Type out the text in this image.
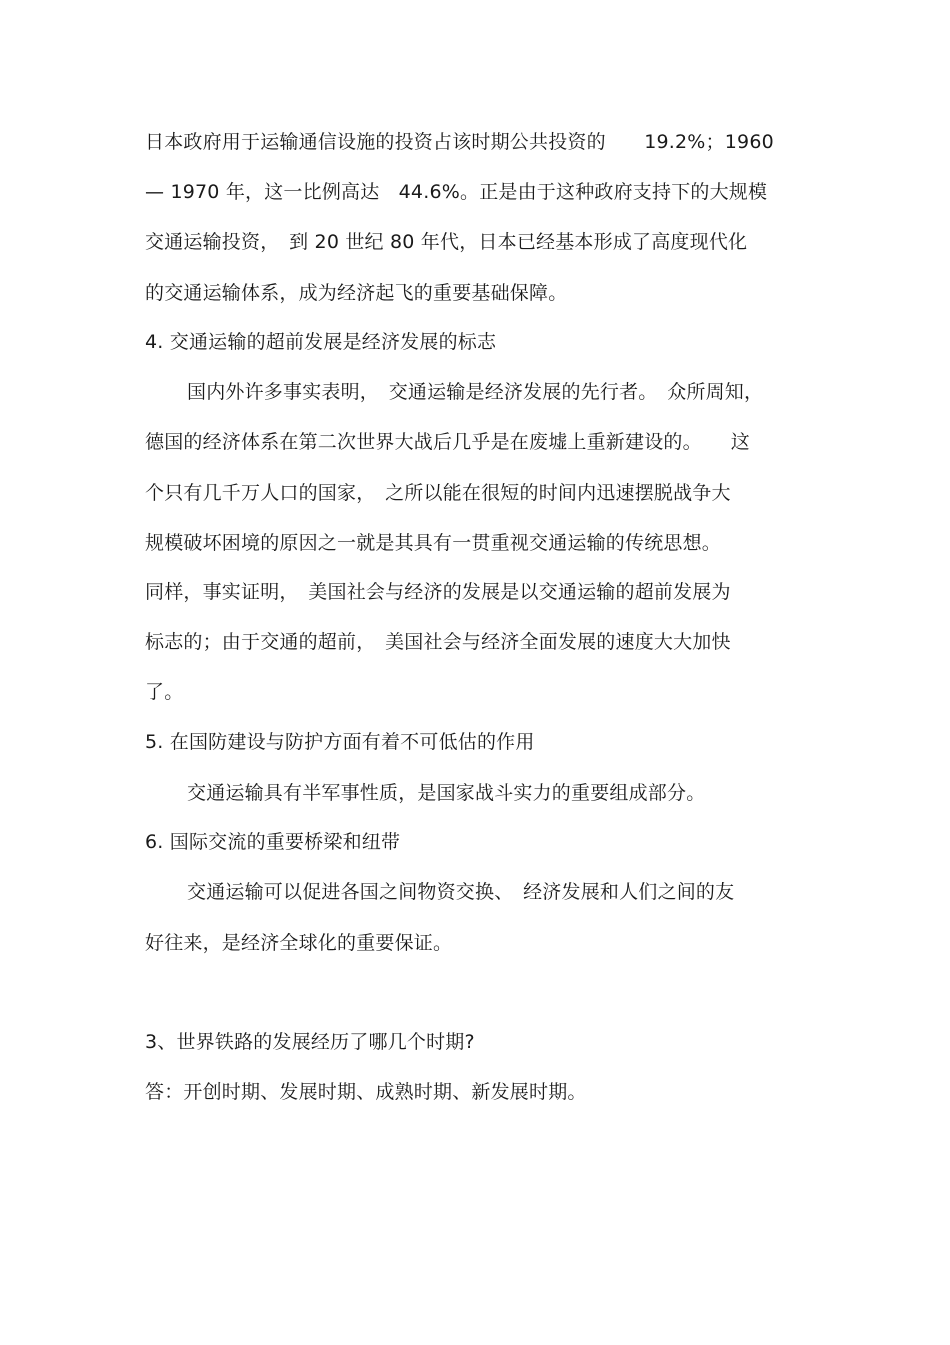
日本政府用于运输通信设施的投资占该时期公共投资的　　19.2%；1960
— 1970 年，这一比例高达　44.6%。正是由于这种政府支持下的大规模
交通运输投资，　到 20 世纪 80 年代，日本已经基本形成了高度现代化
的交通运输体系，成为经济起飞的重要基础保障。
4. 交通运输的超前发展是经济发展的标志
国内外许多事实表明，　交通运输是经济发展的先行者。　众所周知，
德国的经济体系在第二次世界大战后几乎是在废墟上重新建设的。　　这
个只有几千万人口的国家，　之所以能在很短的时间内迅速摆脱战争大
规模破坏困境的原因之一就是其具有一贯重视交通运输的传统思想。
同样，事实证明，　美国社会与经济的发展是以交通运输的超前发展为
标志的；由于交通的超前，　美国社会与经济全面发展的速度大大加快
了。
5. 在国防建设与防护方面有着不可低估的作用
交通运输具有半军事性质，是国家战斗实力的重要组成部分。
6. 国际交流的重要桥梁和纽带
交通运输可以促进各国之间物资交换、　经济发展和人们之间的友
好往来，是经济全球化的重要保证。
3、世界铁路的发展经历了哪几个时期?
答：开创时期、发展时期、成熟时期、新发展时期。
